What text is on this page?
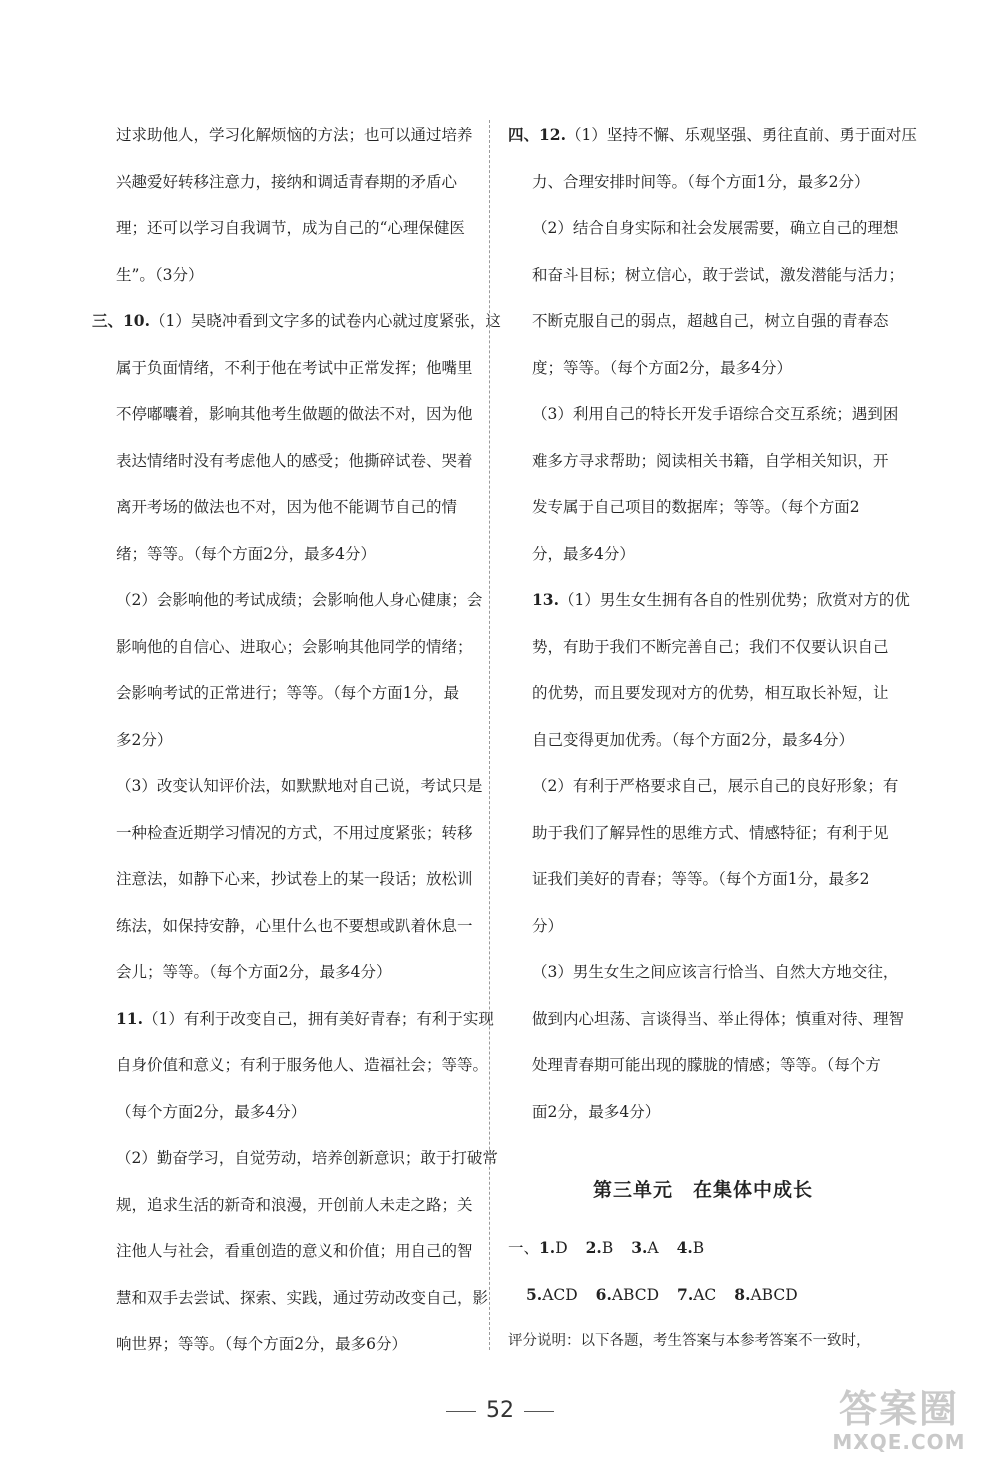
过求助他人，学习化解烦恼的方法；也可以通过培养
兴趣爱好转移注意力，接纳和调适青春期的矛盾心
理；还可以学习自我调节，成为自己的“心理保健医
生”。（3分）
三、10.（1）吴晓冲看到文字多的试卷内心就过度紧张，这
属于负面情绪，不利于他在考试中正常发挥；他嘴里
不停嘟囔着，影响其他考生做题的做法不对，因为他
表达情绪时没有考虑他人的感受；他撕碎试卷、哭着
离开考场的做法也不对，因为他不能调节自己的情
绪；等等。（每个方面2分，最多4分）
（2）会影响他的考试成绩；会影响他人身心健康；会
影响他的自信心、进取心；会影响其他同学的情绪；
会影响考试的正常进行；等等。（每个方面1分，最
多2分）
（3）改变认知评价法，如默默地对自己说，考试只是
一种检查近期学习情况的方式，不用过度紧张；转移
注意法，如静下心来，抄试卷上的某一段话；放松训
练法，如保持安静，心里什么也不要想或趴着休息一
会儿；等等。（每个方面2分，最多4分）
11.（1）有利于改变自己，拥有美好青春；有利于实现
自身价值和意义；有利于服务他人、造福社会；等等。
（每个方面2分，最多4分）
（2）勤奋学习，自觉劳动，培养创新意识；敢于打破常
规，追求生活的新奇和浪漫，开创前人未走之路；关
注他人与社会，看重创造的意义和价值；用自己的智
慧和双手去尝试、探索、实践，通过劳动改变自己，影
响世界；等等。（每个方面2分，最多6分）
四、12.（1）坚持不懈、乐观坚强、勇往直前、勇于面对压
力、合理安排时间等。（每个方面1分，最多2分）
（2）结合自身实际和社会发展需要，确立自己的理想
和奋斗目标；树立信心，敢于尝试，激发潜能与活力；
不断克服自己的弱点，超越自己，树立自强的青春态
度；等等。（每个方面2分，最多4分）
（3）利用自己的特长开发手语综合交互系统；遇到困
难多方寻求帮助；阅读相关书籍，自学相关知识，开
发专属于自己项目的数据库；等等。（每个方面2
分，最多4分）
13.（1）男生女生拥有各自的性别优势；欣赏对方的优
势，有助于我们不断完善自己；我们不仅要认识自己
的优势，而且要发现对方的优势，相互取长补短，让
自己变得更加优秀。（每个方面2分，最多4分）
（2）有利于严格要求自己，展示自己的良好形象；有
助于我们了解异性的思维方式、情感特征；有利于见
证我们美好的青春；等等。（每个方面1分，最多2
分）
（3）男生女生之间应该言行恰当、自然大方地交往，
做到内心坦荡、言谈得当、举止得体；慎重对待、理智
处理青春期可能出现的朦胧的情感；等等。（每个方
面2分，最多4分）
第三单元　在集体中成长
一、1.D 2.B 3.A 4.B
5.ACD 6.ABCD 7.AC 8.ABCD
评分说明：以下各题，考生答案与本参考答案不一致时，
52	答案圈
MXQE.COM
